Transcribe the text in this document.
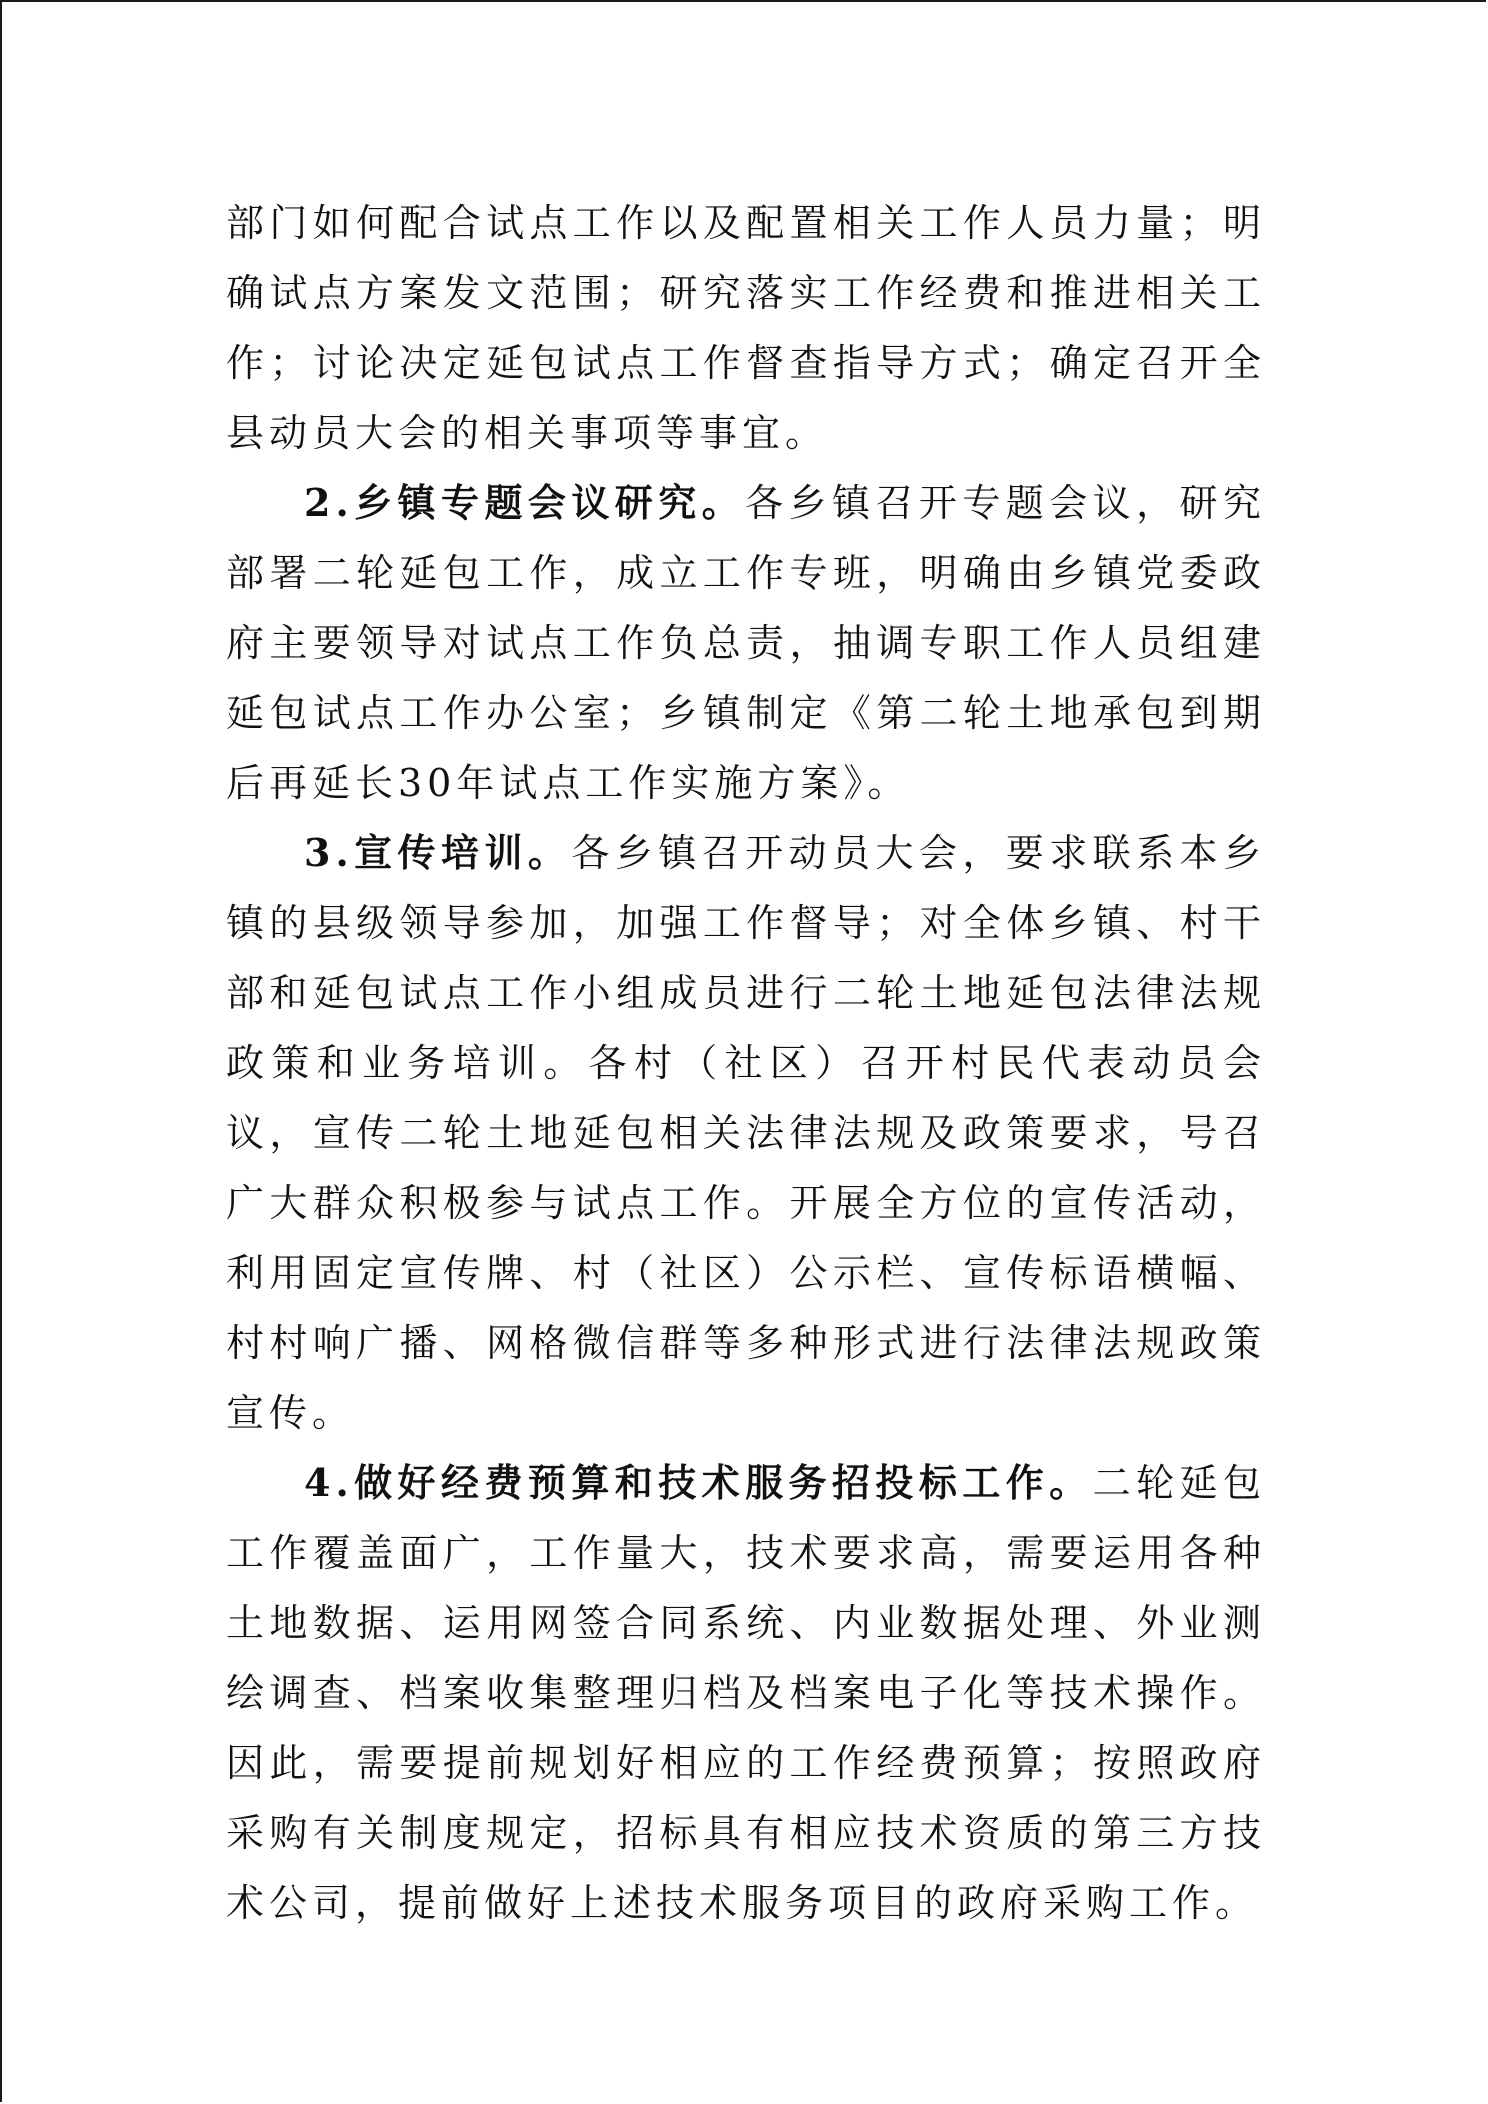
部门如何配合试点工作以及配置相关工作人员力量；明确试点方案发文范围；研究落实工作经费和推进相关工作；讨论决定延包试点工作督查指导方式；确定召开全县动员大会的相关事项等事宜。

2.乡镇专题会议研究。各乡镇召开专题会议，研究部署二轮延包工作，成立工作专班，明确由乡镇党委政府主要领导对试点工作负总责，抽调专职工作人员组建延包试点工作办公室；乡镇制定《第二轮土地承包到期后再延长30年试点工作实施方案》。

3.宣传培训。各乡镇召开动员大会，要求联系本乡镇的县级领导参加，加强工作督导；对全体乡镇、村干部和延包试点工作小组成员进行二轮土地延包法律法规政策和业务培训。各村（社区）召开村民代表动员会议，宣传二轮土地延包相关法律法规及政策要求，号召广大群众积极参与试点工作。开展全方位的宣传活动，利用固定宣传牌、村（社区）公示栏、宣传标语横幅、村村响广播、网格微信群等多种形式进行法律法规政策宣传。

4.做好经费预算和技术服务招投标工作。二轮延包工作覆盖面广，工作量大，技术要求高，需要运用各种土地数据、运用网签合同系统、内业数据处理、外业测绘调查、档案收集整理归档及档案电子化等技术操作。因此，需要提前规划好相应的工作经费预算；按照政府采购有关制度规定，招标具有相应技术资质的第三方技术公司，提前做好上述技术服务项目的政府采购工作。
